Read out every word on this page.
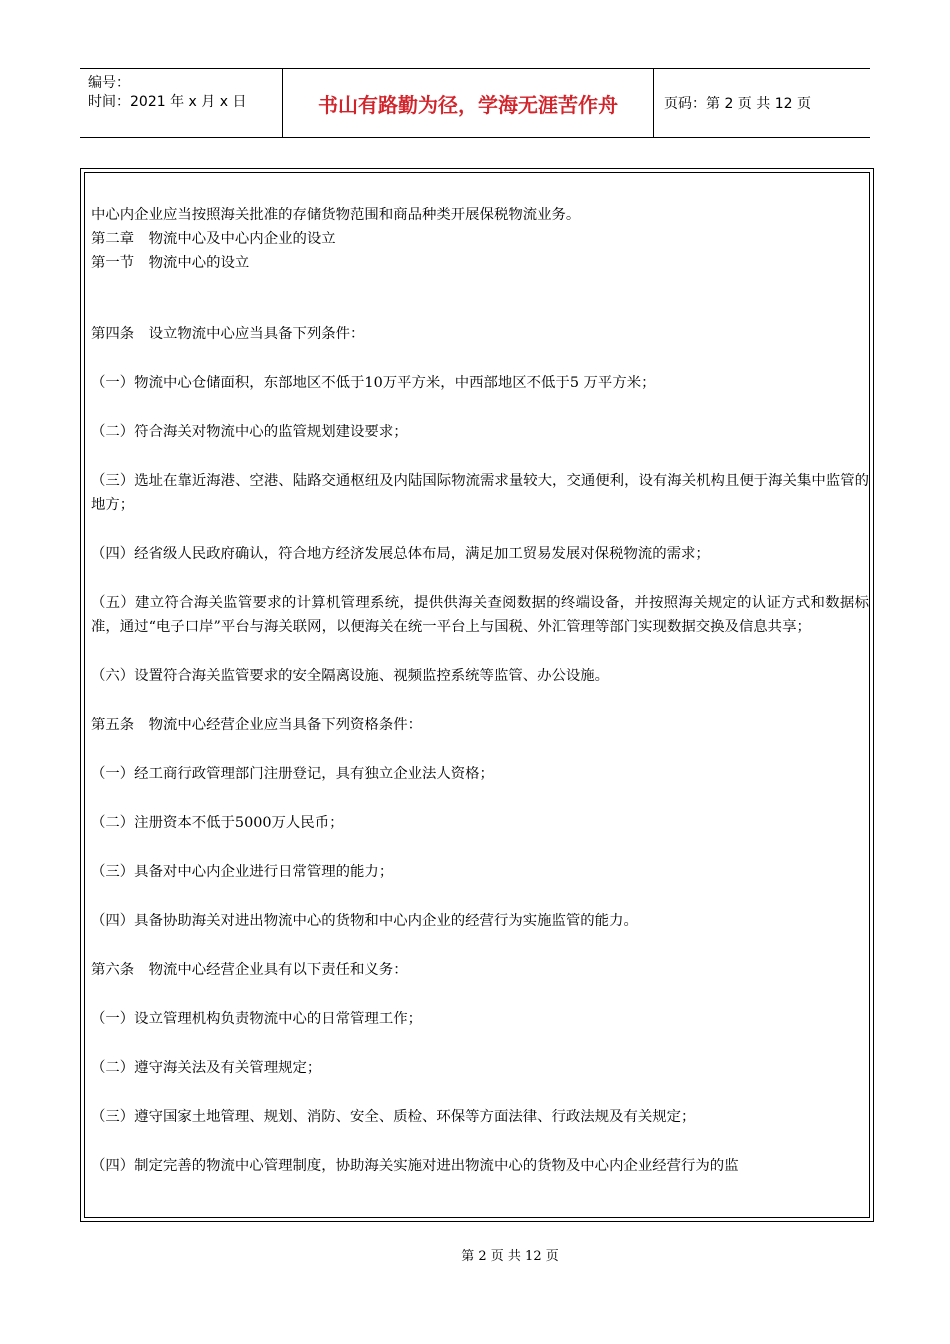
编号：
时间：2021 年 x 月 x 日	书山有路勤为径，学海无涯苦作舟	页码：第 2 页 共 12 页

中心内企业应当按照海关批准的存储货物范围和商品种类开展保税物流业务。

第二章　物流中心及中心内企业的设立

第一节　物流中心的设立

第四条　设立物流中心应当具备下列条件：

（一）物流中心仓储面积，东部地区不低于10万平方米，中西部地区不低于5 万平方米；

（二）符合海关对物流中心的监管规划建设要求；

（三）选址在靠近海港、空港、陆路交通枢纽及内陆国际物流需求量较大，交通便利，设有海关机构且便于海关集中监管的地方；

（四）经省级人民政府确认，符合地方经济发展总体布局，满足加工贸易发展对保税物流的需求；

（五）建立符合海关监管要求的计算机管理系统，提供供海关查阅数据的终端设备，并按照海关规定的认证方式和数据标准，通过“电子口岸”平台与海关联网，以便海关在统一平台上与国税、外汇管理等部门实现数据交换及信息共享；

（六）设置符合海关监管要求的安全隔离设施、视频监控系统等监管、办公设施。

第五条　物流中心经营企业应当具备下列资格条件：

（一）经工商行政管理部门注册登记，具有独立企业法人资格；

（二）注册资本不低于5000万人民币；

（三）具备对中心内企业进行日常管理的能力；

（四）具备协助海关对进出物流中心的货物和中心内企业的经营行为实施监管的能力。

第六条　物流中心经营企业具有以下责任和义务：

（一）设立管理机构负责物流中心的日常管理工作；

（二）遵守海关法及有关管理规定；

（三）遵守国家土地管理、规划、消防、安全、质检、环保等方面法律、行政法规及有关规定；

（四）制定完善的物流中心管理制度，协助海关实施对进出物流中心的货物及中心内企业经营行为的监

第 2 页 共 12 页
